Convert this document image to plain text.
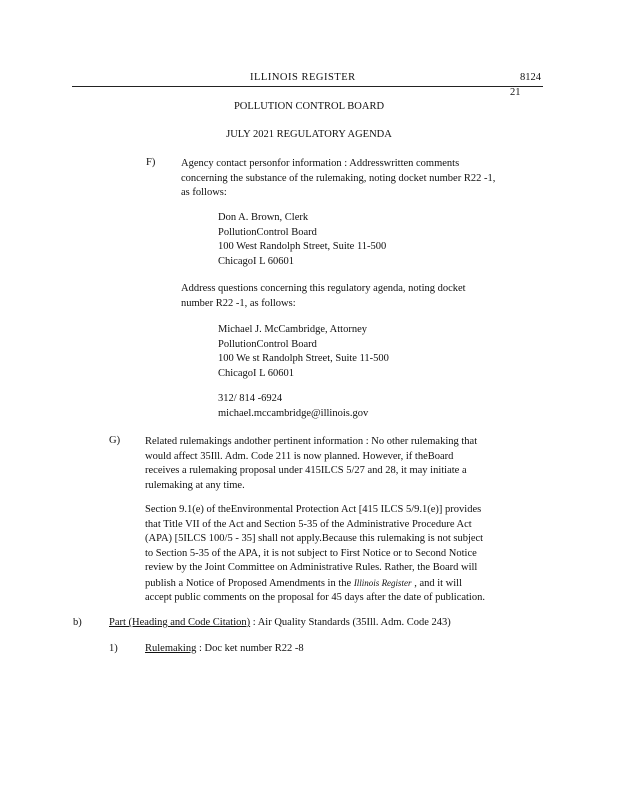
ILLINOIS REGISTER	8124
21
POLLUTION CONTROL BOARD
JULY 2021 REGULATORY AGENDA
F) Agency contact personfor information : Addresswritten comments
concerning the substance of the rulemaking, noting docket number R22 -1,
as follows:
Don A. Brown, Clerk
PollutionControl Board
100 West Randolph Street, Suite 11-500
ChicagoI L 60601
Address questions concerning this regulatory agenda, noting docket
number R22 -1, as follows:
Michael J. McCambridge, Attorney
PollutionControl Board
100 We st Randolph Street, Suite 11-500
ChicagoI L 60601
312/ 814 -6924
michael.mccambridge@illinois.gov
G) Related rulemakings andother pertinent information : No other rulemaking that
would affect 35Ill. Adm. Code 211 is now planned. However, if theBoard
receives a rulemaking proposal under 415ILCS 5/27 and 28, it may initiate a
rulemaking at any time.
Section 9.1(e) of theEnvironmental Protection Act [415 ILCS 5/9.1(e)] provides
that Title VII of the Act and Section 5-35 of the Administrative Procedure Act
(APA) [5ILCS 100/5 - 35] shall not apply.Because this rulemaking is not subject
to Section 5-35 of the APA, it is not subject to First Notice or to Second Notice
review by the Joint Committee on Administrative Rules. Rather, the Board will
publish a Notice of Proposed Amendments in the Illinois Register , and it will
accept public comments on the proposal for 45 days after the date of publication.
b)	Part (Heading and Code Citation) : Air Quality Standards (35Ill. Adm. Code 243)
1)	Rulemaking : Doc ket number R22 -8
